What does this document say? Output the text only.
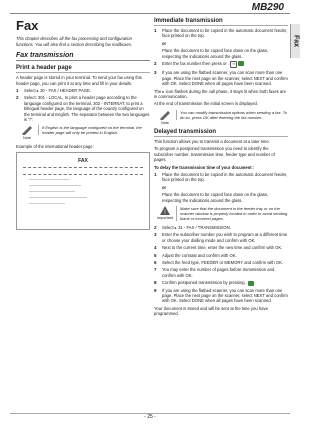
MB290
Fax
Fax

This chapter describes all the fax processing and configuration functions. You will also find a section describing fax mailboxes.

Fax transmission
Print a header page

A header page is stored in your terminal. To send your fax using this header page, you can print it at any time and fill in your details.

1	Select ▸ 30 - FAX / HEADER PAGE.
2	Select: 301 - LOCAL, to print a header page according to the language configured on the terminal, 302 - INTERNAT, to print a bilingual header page, the language of the country configured on the terminal and English. The separator between the two languages is "/".
Note
If English is the language configured on the terminal, the header page will only be printed in English.

Example of the international header page:

FAX
Immediate transmission
1	Place the document to be copied in the automatic document feeder, face printed on the top.
or
Place the document to be copied face down on the glass, respecting the indications around the glass.
2	Enter the fax number then press or . ⇒
3	If you are using the flatbed scanner, you can scan more than one page. Place the next page on the scanner, select NEXT and confirm with OK. Select DONE when all pages have been scanned.

The ▸ icon flashes during the call phase, it stays lit when both faxes are in communication.

At the end of transmission the initial screen is displayed.

Note
You can modify transmission options when sending a fax. To do so, press OK after entering the fax number.
Delayed transmission

This function allows you to transmit a document at a later time.

To program a postponed transmission you need to identify the subscriber number, transmission time, feeder type and number of pages.

To delay the transmission time of your document :

1	Place the document to be copied in the automatic document feeder, face printed on the top.
or
Place the document to be copied face down on the glass, respecting the indications around the glass.
!
Important
Make sure that the document in the feeder tray or on the scanner window is properly located in order to avoid sending blank or incorrect pages.
2	Select ▸ 31 - FAX / TRANSMISSION.
3	Enter the subscriber number you wish to program at a different time or choose your dialling mode and confirm with OK.
4	Next to the current time, enter the new time and confirm with OK.
5	Adjust the contrast and confirm with OK.
6	Select the feed type, FEEDER or MEMORY and confirm with OK.
7	You may enter the number of pages before transmission and confirm with OK.
8	Confirm postponed transmission by pressing .
9	If you are using the flatbed scanner, you can scan more than one page. Place the next page on the scanner, select NEXT and confirm with OK. Select DONE when all pages have been scanned.

Your document is stored and will be sent at the time you have programmed.

- 25 -
